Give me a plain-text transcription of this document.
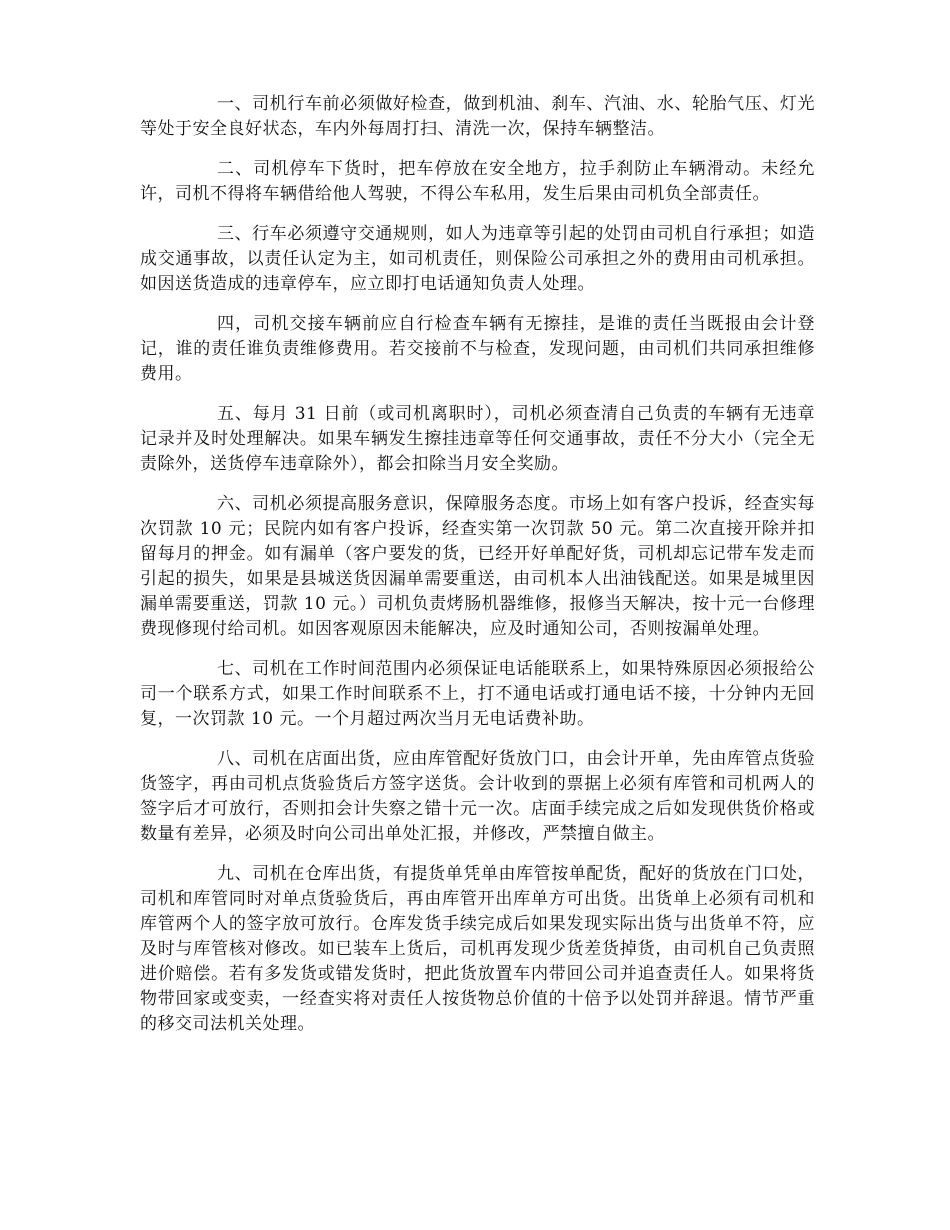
一、司机行车前必须做好检查，做到机油、刹车、汽油、水、轮胎气压、灯光等处于安全良好状态，车内外每周打扫、清洗一次，保持车辆整洁。

二、司机停车下货时，把车停放在安全地方，拉手刹防止车辆滑动。未经允许，司机不得将车辆借给他人驾驶，不得公车私用，发生后果由司机负全部责任。

三、行车必须遵守交通规则，如人为违章等引起的处罚由司机自行承担；如造成交通事故，以责任认定为主，如司机责任，则保险公司承担之外的费用由司机承担。如因送货造成的违章停车，应立即打电话通知负责人处理。

四，司机交接车辆前应自行检查车辆有无擦挂，是谁的责任当既报由会计登记，谁的责任谁负责维修费用。若交接前不与检查，发现问题，由司机们共同承担维修费用。

五、每月 31 日前（或司机离职时），司机必须查清自己负责的车辆有无违章记录并及时处理解决。如果车辆发生擦挂违章等任何交通事故，责任不分大小（完全无责除外，送货停车违章除外），都会扣除当月安全奖励。

六、司机必须提高服务意识，保障服务态度。市场上如有客户投诉，经查实每次罚款 10 元；民院内如有客户投诉，经查实第一次罚款 50 元。第二次直接开除并扣留每月的押金。如有漏单（客户要发的货，已经开好单配好货，司机却忘记带车发走而引起的损失，如果是县城送货因漏单需要重送，由司机本人出油钱配送。如果是城里因漏单需要重送，罚款 10 元。）司机负责烤肠机器维修，报修当天解决，按十元一台修理费现修现付给司机。如因客观原因未能解决，应及时通知公司，否则按漏单处理。

七、司机在工作时间范围内必须保证电话能联系上，如果特殊原因必须报给公司一个联系方式，如果工作时间联系不上，打不通电话或打通电话不接，十分钟内无回复，一次罚款 10 元。一个月超过两次当月无电话费补助。

八、司机在店面出货，应由库管配好货放门口，由会计开单，先由库管点货验货签字，再由司机点货验货后方签字送货。会计收到的票据上必须有库管和司机两人的签字后才可放行，否则扣会计失察之错十元一次。店面手续完成之后如发现供货价格或数量有差异，必须及时向公司出单处汇报，并修改，严禁擅自做主。

九、司机在仓库出货，有提货单凭单由库管按单配货，配好的货放在门口处，司机和库管同时对单点货验货后，再由库管开出库单方可出货。出货单上必须有司机和库管两个人的签字放可放行。仓库发货手续完成后如果发现实际出货与出货单不符，应及时与库管核对修改。如已装车上货后，司机再发现少货差货掉货，由司机自己负责照进价赔偿。若有多发货或错发货时，把此货放置车内带回公司并追查责任人。如果将货物带回家或变卖，一经查实将对责任人按货物总价值的十倍予以处罚并辞退。情节严重的移交司法机关处理。
